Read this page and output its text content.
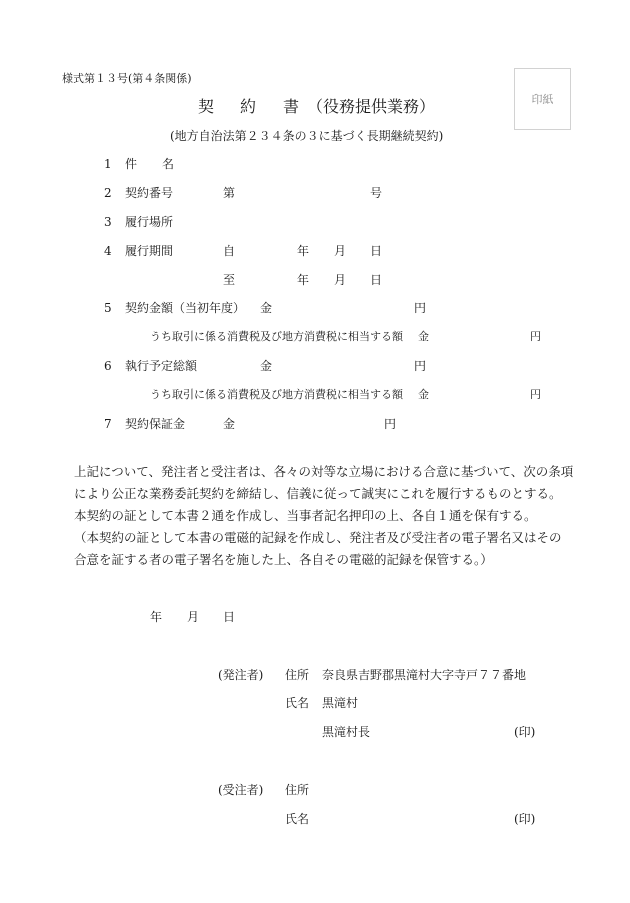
様式第１３号(第４条関係)
印紙
契 約 書 （役務提供業務）
(地方自治法第２３４条の３に基づく長期継続契約)
1 件 名
2 契約番号	第	号
3 履行場所
4 履行期間	自	年 月 日
至	年 月 日
5 契約金額（当初年度） 金	円
うち取引に係る消費税及び地方消費税に相当する額 金	円
6 執行予定総額	金	円
うち取引に係る消費税及び地方消費税に相当する額 金	円
7 契約保証金	金	円
上記について、発注者と受注者は、各々の対等な立場における合意に基づいて、次の条項
により公正な業務委託契約を締結し、信義に従って誠実にこれを履行するものとする。
本契約の証として本書２通を作成し、当事者記名押印の上、各自１通を保有する。
（本契約の証として本書の電磁的記録を作成し、発注者及び受注者の電子署名又はその
合意を証する者の電子署名を施した上、各自その電磁的記録を保管する。）
年 月 日
(発注者) 住所 奈良県吉野郡黒滝村大字寺戸７７番地
氏名 黒滝村
黒滝村長	(印)
(受注者) 住所
氏名	(印)
